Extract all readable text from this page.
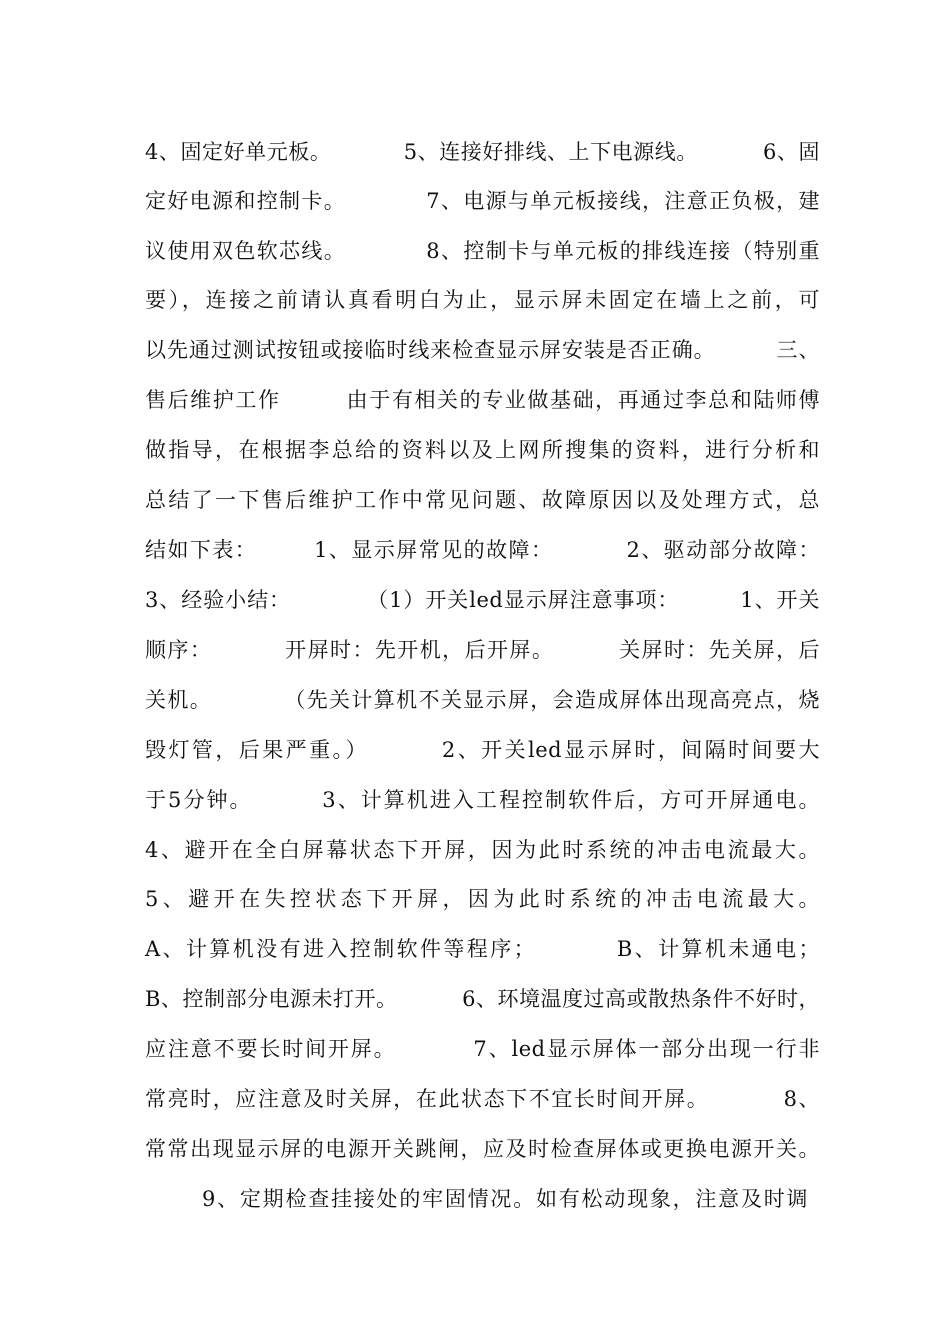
4、固定好单元板。          5、连接好排线、上下电源线。         6、固
定好电源和控制卡。          7、电源与单元板接线，注意正负极，建
议使用双色软芯线。          8、控制卡与单元板的排线连接（特别重
要），连接之前请认真看明白为止，显示屏未固定在墙上之前，可
以先通过测试按钮或接临时线来检查显示屏安装是否正确。        三、
售后维护工作        由于有相关的专业做基础，再通过李总和陆师傅
做指导，在根据李总给的资料以及上网所搜集的资料，进行分析和
总结了一下售后维护工作中常见问题、故障原因以及处理方式，总
结如下表：       1、显示屏常见的故障：         2、驱动部分故障：
3、经验小结：          （1）开关led显示屏注意事项：        1、开关
顺序：         开屏时：先开机，后开屏。        关屏时：先关屏，后
关机。         （先关计算机不关显示屏，会造成屏体出现高亮点，烧
毁灯管，后果严重。）        2、开关led显示屏时，间隔时间要大
于5分钟。        3、计算机进入工程控制软件后，方可开屏通电。
4、避开在全白屏幕状态下开屏，因为此时系统的冲击电流最大。
5、避开在失控状态下开屏，因为此时系统的冲击电流最大。
A、计算机没有进入控制软件等程序；         B、计算机未通电；
B、控制部分电源未打开。         6、环境温度过高或散热条件不好时，
应注意不要长时间开屏。         7、led显示屏体一部分出现一行非
常亮时，应注意及时关屏，在此状态下不宜长时间开屏。         8、
常常出现显示屏的电源开关跳闸，应及时检查屏体或更换电源开关。
9、定期检查挂接处的牢固情况。如有松动现象，注意及时调
